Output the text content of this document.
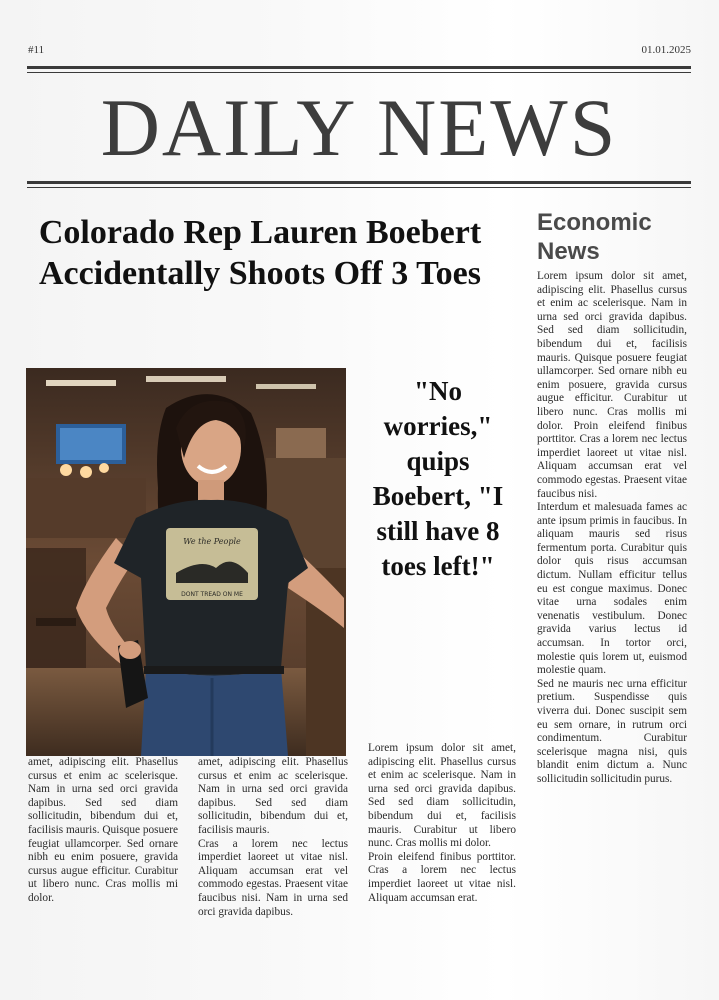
#11	01.01.2025
DAILY NEWS
Colorado Rep Lauren Boebert Accidentally Shoots Off 3 Toes
We the People
DONT TREAD ON ME
"No worries," quips Boebert, "I still have 8 toes left!"

amet, adipiscing elit. Phasellus cursus et enim ac scelerisque. Nam in urna sed orci gravida dapibus. Sed sed diam sollicitudin, bibendum dui et, facilisis mauris. Quisque posuere feugiat ullamcorper. Sed ornare nibh eu enim posuere, gravida cursus augue efficitur. Curabitur ut libero nunc. Cras mollis mi dolor.

amet, adipiscing elit. Phasellus cursus et enim ac scelerisque. Nam in urna sed orci gravida dapibus. Sed sed diam sollicitudin, bibendum dui et, facilisis mauris.

Cras a lorem nec lectus imperdiet laoreet ut vitae nisl. Aliquam accumsan erat vel commodo egestas. Praesent vitae faucibus nisi. Nam in urna sed orci gravida dapibus.

Lorem ipsum dolor sit amet, adipiscing elit. Phasellus cursus et enim ac scelerisque. Nam in urna sed orci gravida dapibus. Sed sed diam sollicitudin, bibendum dui et, facilisis mauris. Curabitur ut libero nunc. Cras mollis mi dolor.

Proin eleifend finibus porttitor. Cras a lorem nec lectus imperdiet laoreet ut vitae nisl. Aliquam accumsan erat.

Economic News

Lorem ipsum dolor sit amet, adipiscing elit. Phasellus cursus et enim ac scelerisque. Nam in urna sed orci gravida dapibus. Sed sed diam sollicitudin, bibendum dui et, facilisis mauris. Quisque posuere feugiat ullamcorper. Sed ornare nibh eu enim posuere, gravida cursus augue efficitur. Curabitur ut libero nunc. Cras mollis mi dolor. Proin eleifend finibus porttitor. Cras a lorem nec lectus imperdiet laoreet ut vitae nisl. Aliquam accumsan erat vel commodo egestas. Praesent vitae faucibus nisi.

Interdum et malesuada fames ac ante ipsum primis in faucibus. In aliquam mauris sed risus fermentum porta. Curabitur quis dolor quis risus accumsan dictum. Nullam efficitur tellus eu est congue maximus. Donec vitae urna sodales enim venenatis vestibulum. Donec gravida varius lectus id accumsan. In tortor orci, molestie quis lorem ut, euismod molestie quam.

Sed ne mauris nec urna efficitur pretium. Suspendisse quis viverra dui. Donec suscipit sem eu sem ornare, in rutrum orci condimentum. Curabitur scelerisque magna nisi, quis blandit enim dictum a. Nunc sollicitudin sollicitudin purus.
